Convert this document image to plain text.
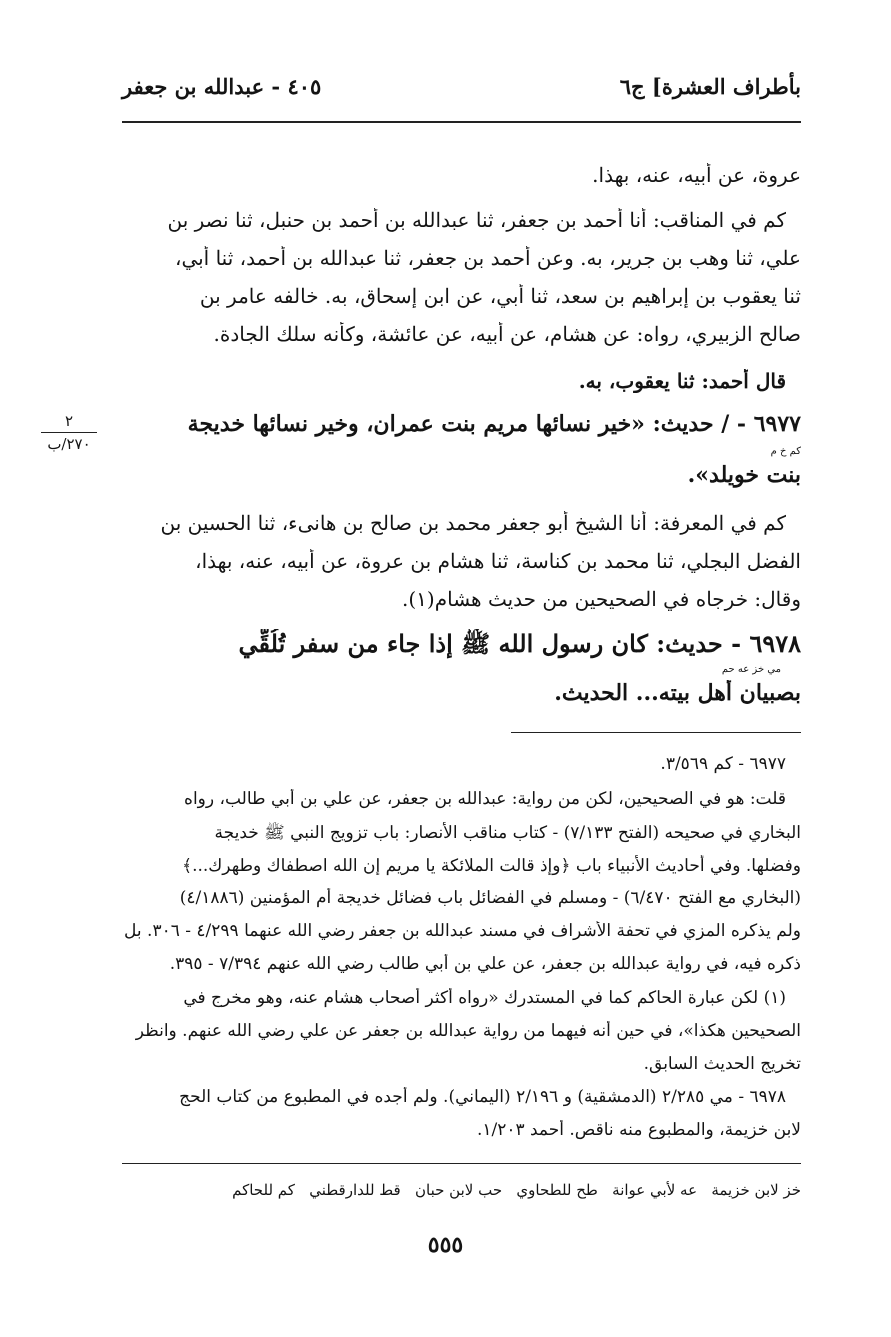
بأطراف العشرة] ج٦
٤٠٥ - عبدالله بن جعفر
عروة، عن أبيه، عنه، بهذا.
كم في المناقب: أنا أحمد بن جعفر، ثنا عبدالله بن أحمد بن حنبل، ثنا نصر بن
علي، ثنا وهب بن جرير، به. وعن أحمد بن جعفر، ثنا عبدالله بن أحمد، ثنا أبي،
ثنا يعقوب بن إبراهيم بن سعد، ثنا أبي، عن ابن إسحاق، به. خالفه عامر بن
صالح الزبيري، رواه: عن هشام، عن أبيه، عن عائشة، وكأنه سلك الجادة.
قال أحمد: ثنا يعقوب، به.
٦٩٧٧ - / حديث: «خير نسائها مريم بنت عمران، وخير نسائها خديجة
كم خ م
بنت خويلد».
٢
٢٧٠/ب
كم في المعرفة: أنا الشيخ أبو جعفر محمد بن صالح بن هانىء، ثنا الحسين بن
الفضل البجلي، ثنا محمد بن كناسة، ثنا هشام بن عروة، عن أبيه، عنه، بهذا،
وقال: خرجاه في الصحيحين من حديث هشام(١).
٦٩٧٨ - حديث: كان رسول الله ﷺ إذا جاء من سفر تُلُقِّي
مي خز عه حم
بصبيان أهل بيته... الحديث.
٦٩٧٧ - كم ٣/٥٦٩.
قلت: هو في الصحيحين، لكن من رواية: عبدالله بن جعفر، عن علي بن أبي طالب، رواه
البخاري في صحيحه (الفتح ٧/١٣٣) - كتاب مناقب الأنصار: باب تزويج النبي ﷺ خديجة
وفضلها. وفي أحاديث الأنبياء باب ﴿وإذ قالت الملائكة يا مريم إن الله اصطفاك وطهرك...﴾
(البخاري مع الفتح ٦/٤٧٠) - ومسلم في الفضائل باب فضائل خديجة أم المؤمنين (٤/١٨٨٦)
ولم يذكره المزي في تحفة الأشراف في مسند عبدالله بن جعفر رضي الله عنهما ٤/٢٩٩ - ٣٠٦. بل
ذكره فيه، في رواية عبدالله بن جعفر، عن علي بن أبي طالب رضي الله عنهم ٧/٣٩٤ - ٣٩٥.
(١) لكن عبارة الحاكم كما في المستدرك «رواه أكثر أصحاب هشام عنه، وهو مخرج في
الصحيحين هكذا»، في حين أنه فيهما من رواية عبدالله بن جعفر عن علي رضي الله عنهم. وانظر
تخريج الحديث السابق.
٦٩٧٨ - مي ٢/٢٨٥ (الدمشقية) و ٢/١٩٦ (اليماني). ولم أجده في المطبوع من كتاب الحج
لابن خزيمة، والمطبوع منه ناقص. أحمد ١/٢٠٣.
خز لابن خزيمة   عه لأبي عوانة   طح للطحاوي   حب لابن حبان   قط للدارقطني   كم للحاكم
٥٥٥
